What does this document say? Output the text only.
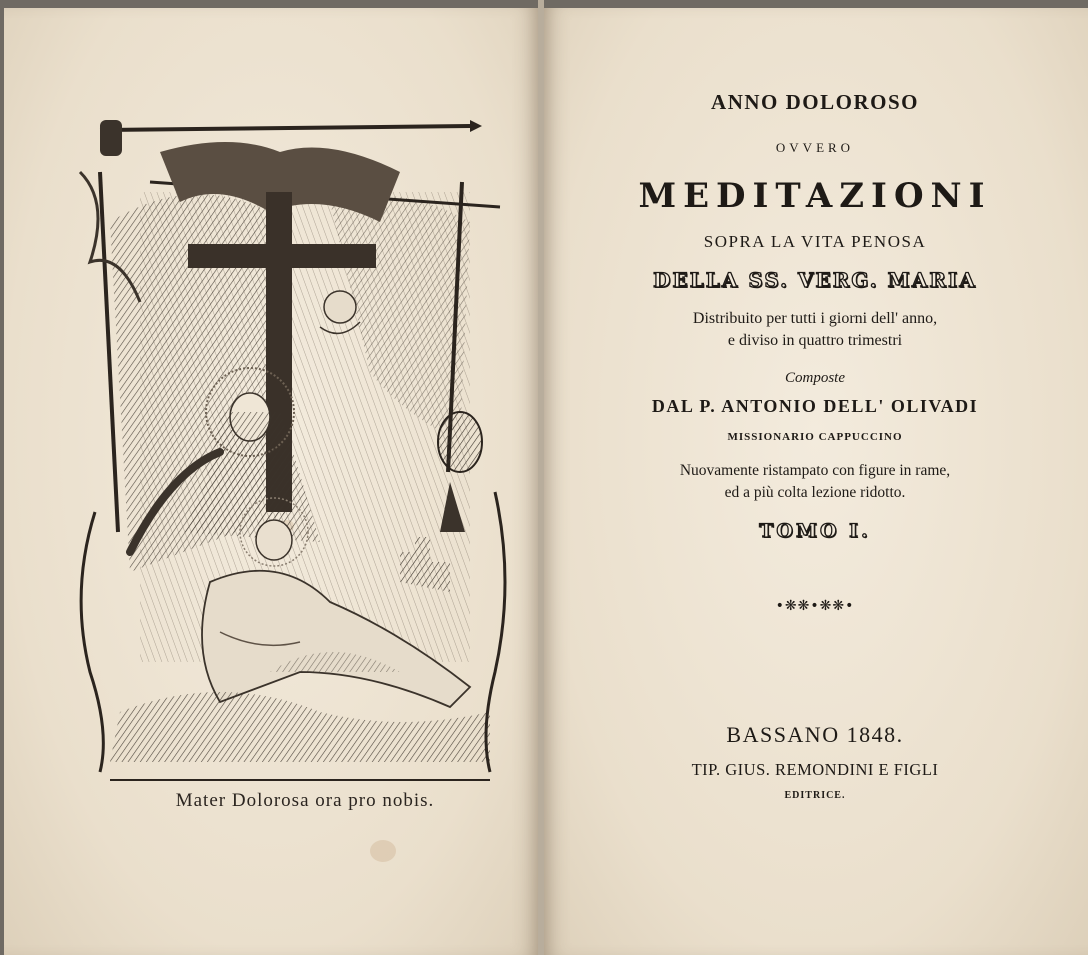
Mater Dolorosa ora pro nobis.
ANNO DOLOROSO
OVVERO
MEDITAZIONI
SOPRA LA VITA PENOSA
DELLA SS. VERG. MARIA
Distribuito per tutti i giorni dell' anno,
e diviso in quattro trimestri
Composte
DAL P. ANTONIO DELL' OLIVADI
MISSIONARIO CAPPUCCINO
Nuovamente ristampato con figure in rame,
ed a più colta lezione ridotto.
TOMO I.
•❋❋•❋❋•
BASSANO 1848.
TIP. GIUS. REMONDINI E FIGLI
EDITRICE.
